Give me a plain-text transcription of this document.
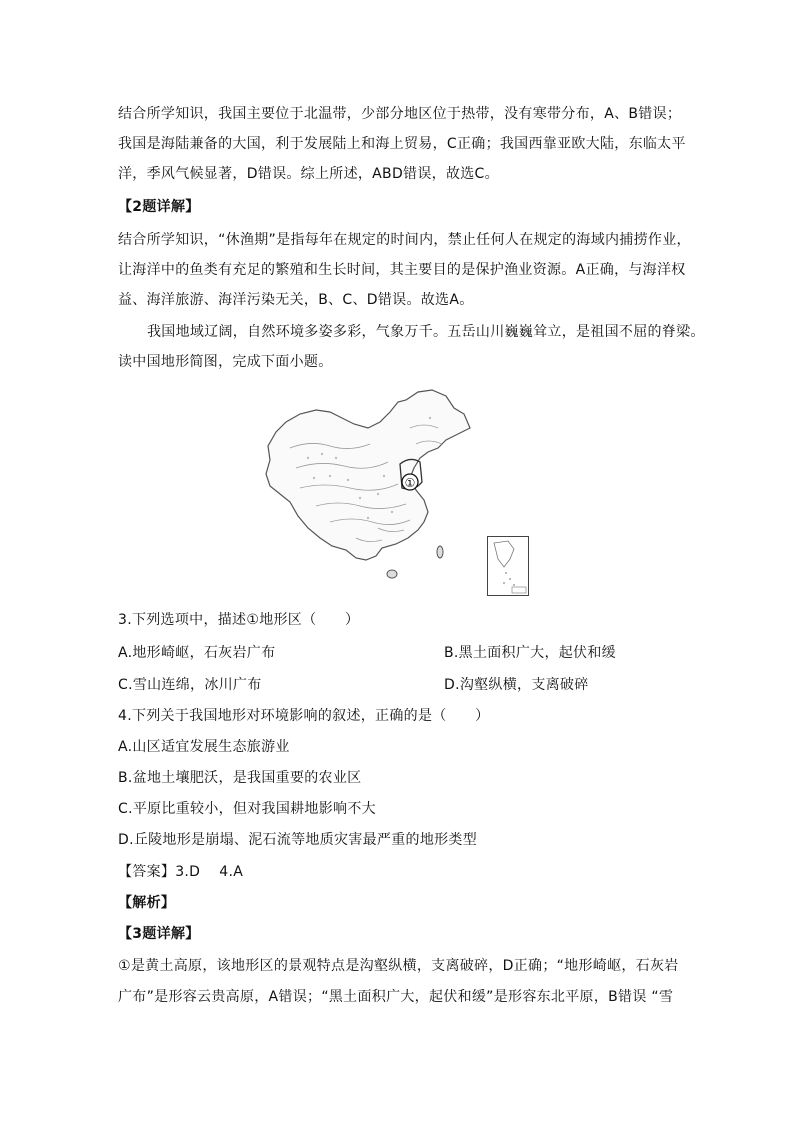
结合所学知识，我国主要位于北温带，少部分地区位于热带，没有寒带分布，A、B错误；
我国是海陆兼备的大国，利于发展陆上和海上贸易，C正确；我国西靠亚欧大陆，东临太平
洋，季风气候显著，D错误。综上所述，ABD错误，故选C。
【2题详解】
结合所学知识，“休渔期”是指每年在规定的时间内，禁止任何人在规定的海域内捕捞作业，
让海洋中的鱼类有充足的繁殖和生长时间，其主要目的是保护渔业资源。A正确，与海洋权
益、海洋旅游、海洋污染无关，B、C、D错误。故选A。
我国地域辽阔，自然环境多姿多彩，气象万千。五岳山川巍巍耸立，是祖国不屈的脊梁。
读中国地形简图，完成下面小题。
①
3.下列选项中，描述①地形区（　　）
A.地形崎岖，石灰岩广布	B.黑土面积广大，起伏和缓
C.雪山连绵，冰川广布	D.沟壑纵横，支离破碎
4.下列关于我国地形对环境影响的叙述，正确的是（　　）
A.山区适宜发展生态旅游业
B.盆地土壤肥沃，是我国重要的农业区
C.平原比重较小，但对我国耕地影响不大
D.丘陵地形是崩塌、泥石流等地质灾害最严重的地形类型
【答案】3.D　 4.A
【解析】
【3题详解】
①是黄土高原，该地形区的景观特点是沟壑纵横，支离破碎，D正确；“地形崎岖，石灰岩
广布”是形容云贵高原，A错误；“黑土面积广大，起伏和缓”是形容东北平原，B错误 “雪
